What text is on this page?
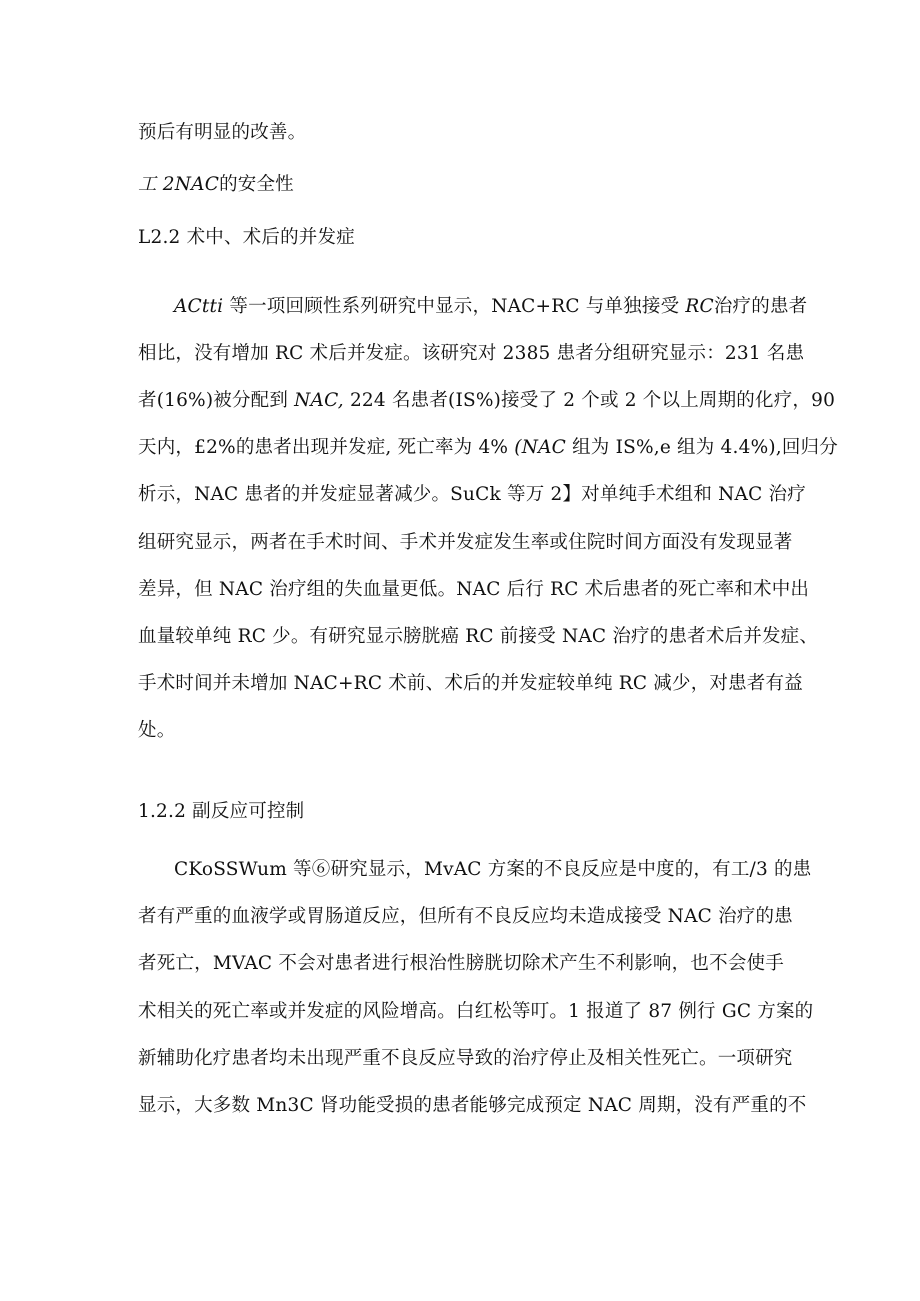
预后有明显的改善。
工 2NAC的安全性
L2.2 术中、术后的并发症
ACtti 等一项回顾性系列研究中显示，NAC+RC 与单独接受 RC治疗的患者
相比，没有增加 RC 术后并发症。该研究对 2385 患者分组研究显示：231 名患
者(16%)被分配到 NAC, 224 名患者(IS%)接受了 2 个或 2 个以上周期的化疗，90
天内，£2%的患者出现并发症, 死亡率为 4% (NAC 组为 IS%,e 组为 4.4%),回归分
析示，NAC 患者的并发症显著减少。SuCk 等万 2】对单纯手术组和 NAC 治疗
组研究显示，两者在手术时间、手术并发症发生率或住院时间方面没有发现显著
差异，但 NAC 治疗组的失血量更低。NAC 后行 RC 术后患者的死亡率和术中出
血量较单纯 RC 少。有研究显示膀胱癌 RC 前接受 NAC 治疗的患者术后并发症、
手术时间并未增加 NAC+RC 术前、术后的并发症较单纯 RC 减少，对患者有益
处。
1.2.2 副反应可控制
CKoSSWum 等⑥研究显示，MvAC 方案的不良反应是中度的，有工/3 的患
者有严重的血液学或胃肠道反应，但所有不良反应均未造成接受 NAC 治疗的患
者死亡，MVAC 不会对患者进行根治性膀胱切除术产生不利影响，也不会使手
术相关的死亡率或并发症的风险增高。白红松等叮。1 报道了 87 例行 GC 方案的
新辅助化疗患者均未出现严重不良反应导致的治疗停止及相关性死亡。一项研究
显示，大多数 Mn3C 肾功能受损的患者能够完成预定 NAC 周期，没有严重的不
